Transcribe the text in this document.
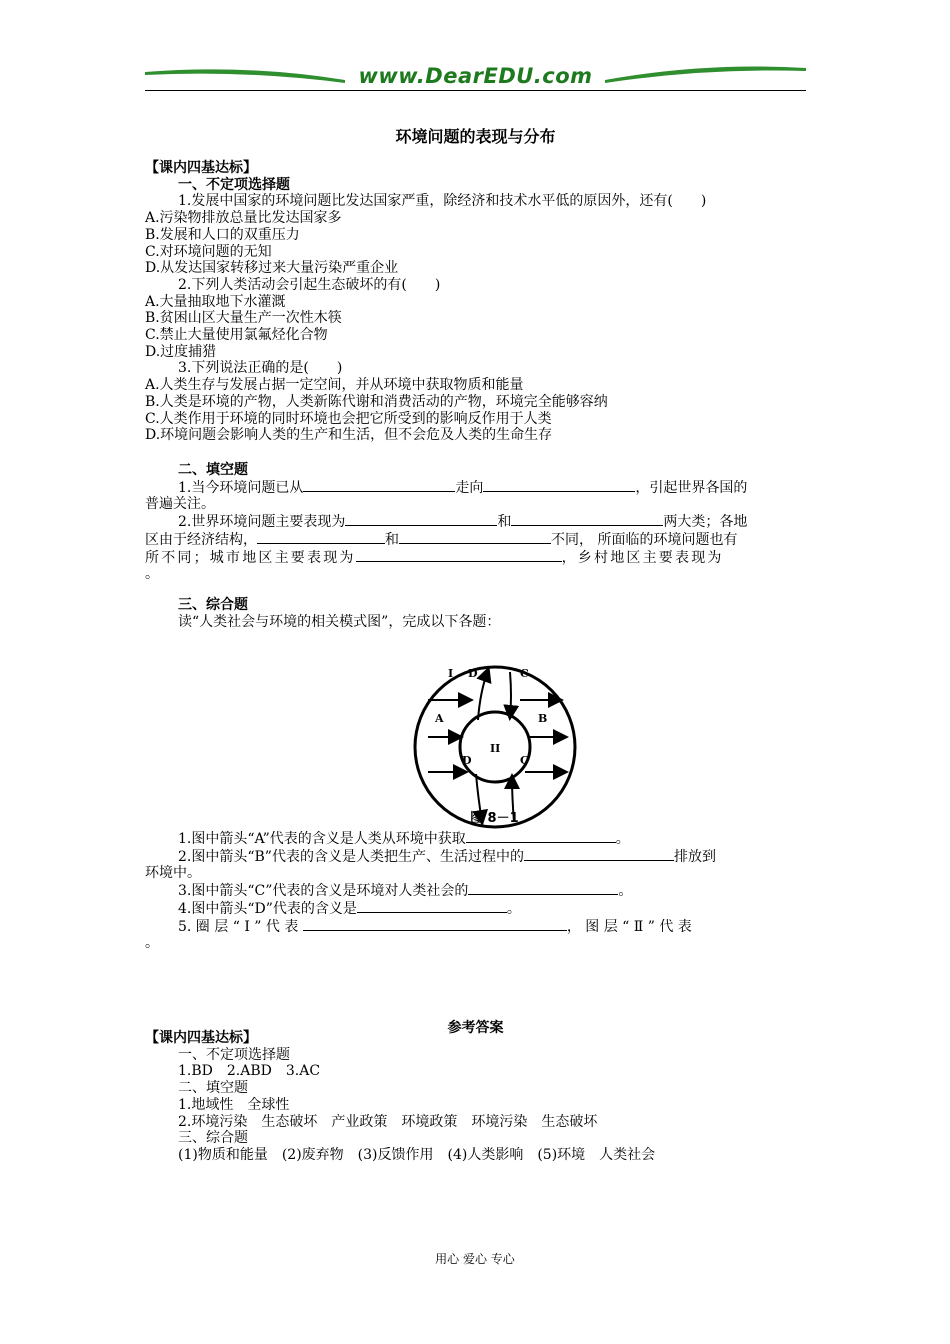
www.DearEDU.com
环境问题的表现与分布
【课内四基达标】
一、不定项选择题
1.发展中国家的环境问题比发达国家严重，除经济和技术水平低的原因外，还有(　　)
A.污染物排放总量比发达国家多
B.发展和人口的双重压力
C.对环境问题的无知
D.从发达国家转移过来大量污染严重企业
2.下列人类活动会引起生态破坏的有(　　)
A.大量抽取地下水灌溉
B.贫困山区大量生产一次性木筷
C.禁止大量使用氯氟烃化合物
D.过度捕猎
3.下列说法正确的是(　　)
A.人类生存与发展占据一定空间，并从环境中获取物质和能量
B.人类是环境的产物，人类新陈代谢和消费活动的产物，环境完全能够容纳
C.人类作用于环境的同时环境也会把它所受到的影响反作用于人类
D.环境问题会影响人类的生产和生活，但不会危及人类的生命生存
二、填空题
1.当今环境问题已从	走向	，引起世界各国的
普遍关注。
2.世界环境问题主要表现为	和	两大类；各地
区由于经济结构，	和	不同， 所面临的环境问题也有
所不同；城市地区主要表现为	，乡村地区主要表现为
。
三、综合题
读“人类社会与环境的相关模式图”，完成以下各题：
I
II
A	B
C
C
D
D
图 8－1
1.图中箭头“A”代表的含义是人类从环境中获取	。
2.图中箭头“B”代表的含义是人类把生产、生活过程中的	排放到
环境中。
3.图中箭头“C”代表的含义是环境对人类社会的	。
4.图中箭头“D”代表的含义是	。
5. 圈 层 “ Ⅰ ” 代 表	， 图 层 “ Ⅱ ” 代 表
。
参考答案
【课内四基达标】
一、不定项选择题
1.BD　2.ABD　3.AC
二、填空题
1.地域性　全球性
2.环境污染　生态破坏　产业政策　环境政策　环境污染　生态破坏
三、综合题
(1)物质和能量　(2)废弃物　(3)反馈作用　(4)人类影响　(5)环境　人类社会
用心 爱心 专心
